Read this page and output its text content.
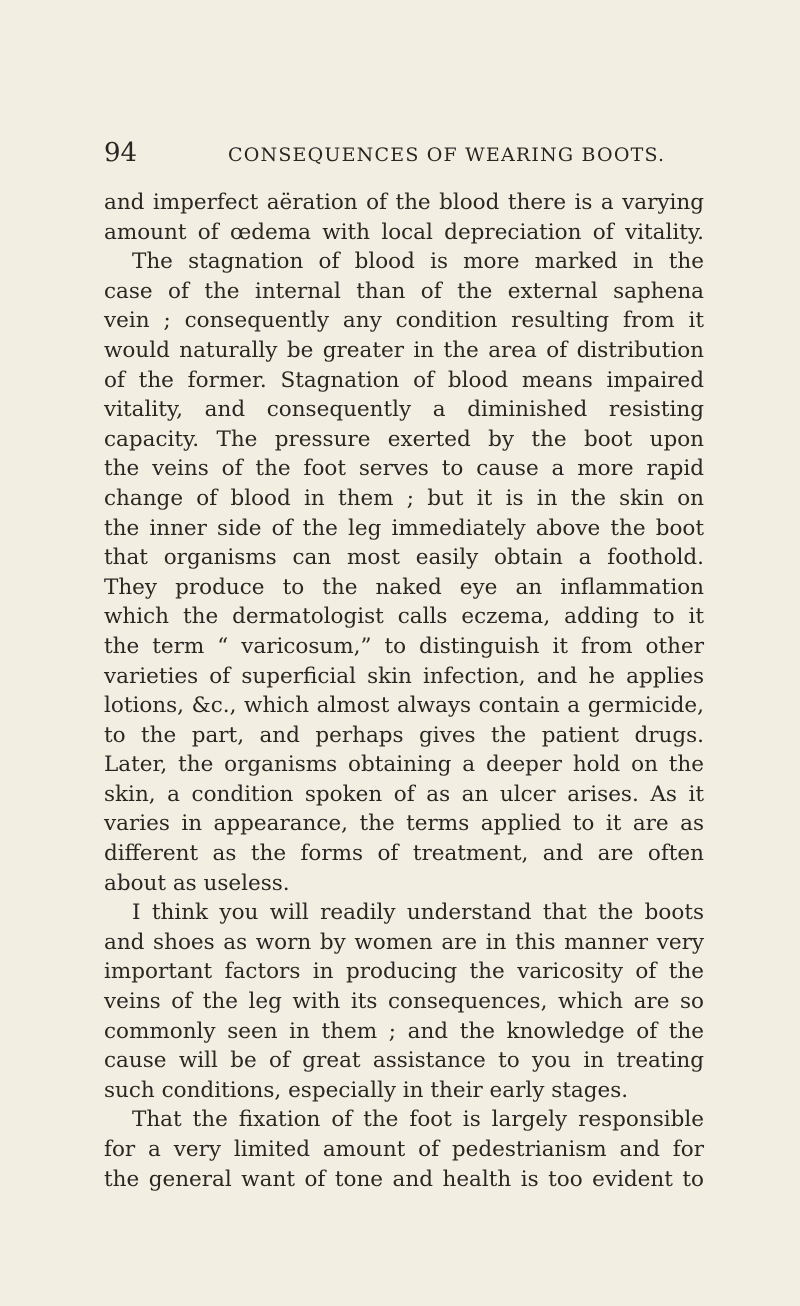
94	CONSEQUENCES OF WEARING BOOTS.
and imperfect aëration of the blood there is a varying
amount of œdema with local depreciation of vitality.
The stagnation of blood is more marked in the
case of the internal than of the external saphena
vein ; consequently any condition resulting from it
would naturally be greater in the area of distribution
of the former. Stagnation of blood means impaired
vitality, and consequently a diminished resisting
capacity. The pressure exerted by the boot upon
the veins of the foot serves to cause a more rapid
change of blood in them ; but it is in the skin on
the inner side of the leg immediately above the boot
that organisms can most easily obtain a foothold.
They produce to the naked eye an inflammation
which the dermatologist calls eczema, adding to it
the term “ varicosum,” to distinguish it from other
varieties of superficial skin infection, and he applies
lotions, &c., which almost always contain a germicide,
to the part, and perhaps gives the patient drugs.
Later, the organisms obtaining a deeper hold on the
skin, a condition spoken of as an ulcer arises. As it
varies in appearance, the terms applied to it are as
different as the forms of treatment, and are often
about as useless.
I think you will readily understand that the boots
and shoes as worn by women are in this manner very
important factors in producing the varicosity of the
veins of the leg with its consequences, which are so
commonly seen in them ; and the knowledge of the
cause will be of great assistance to you in treating
such conditions, especially in their early stages.
That the fixation of the foot is largely responsible
for a very limited amount of pedestrianism and for
the general want of tone and health is too evident to
